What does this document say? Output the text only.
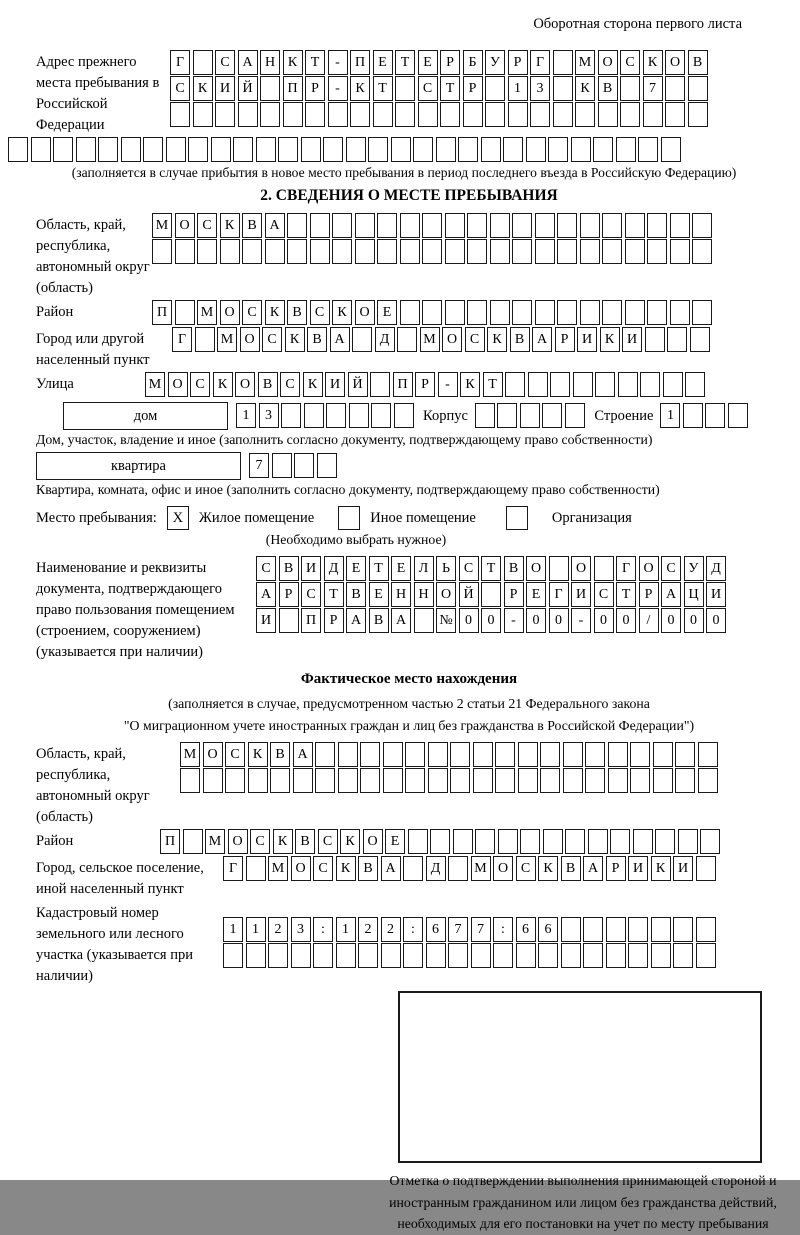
Оборотная сторона первого листа
Адрес прежнего места пребывания в Российской Федерации
Г	С А Н К Т - П Е Т Е Р Б У Р Г М О С К О В
С К И Й П Р - К Т	С Т Р	1 3	К В	7
(заполняется в случае прибытия в новое место пребывания в период последнего въезда в Российскую Федерацию)
2. СВЕДЕНИЯ О МЕСТЕ ПРЕБЫВАНИЯ
Область, край, республика, автономный округ (область)
М О С К В А
Район	П М О С К В С К О Е
Город или другой населенный пункт
Г М О С К В А	Д М О С К В А Р И К И
Улица	М О С К О В С К И Й П Р - К Т
дом	1 3	Корпус	Строение 1
Дом, участок, владение и иное (заполнить согласно документу, подтверждающему право собственности)
квартира	7
Квартира, комната, офис и иное (заполнить согласно документу, подтверждающему право собственности)
Место пребывания:	X	Жилое помещение	Иное помещение	Организация
(Необходимо выбрать нужное)
Наименование и реквизиты документа, подтверждающего право пользования помещением (строением, сооружением) (указывается при наличии)
С В И Д Е Т Е Л Ь С Т В О О	Г О С У Д
А Р С Т В Е Н Н О Й	Р Е Г И С Т Р А Ц И
И П Р А В А № 0 0 - 0 0 - 0 0 / 0 0 0
Фактическое место нахождения
(заполняется в случае, предусмотренном частью 2 статьи 21 Федерального закона
"О миграционном учете иностранных граждан и лиц без гражданства в Российской Федерации")
Область, край, республика, автономный округ (область)
М О С К В А
Район	П М О С К В С К О Е
Город, сельское поселение, иной населенный пункт
Г М О С К В А	Д М О С К В А Р И К И
Кадастровый номер земельного или лесного участка (указывается при наличии)
1 1 2 3 : 1 2 2 : 6 7 7 : 6 6
Отметка о подтверждении выполнения принимающей стороной и иностранным гражданином или лицом без гражданства действий, необходимых для его постановки на учет по месту пребывания
